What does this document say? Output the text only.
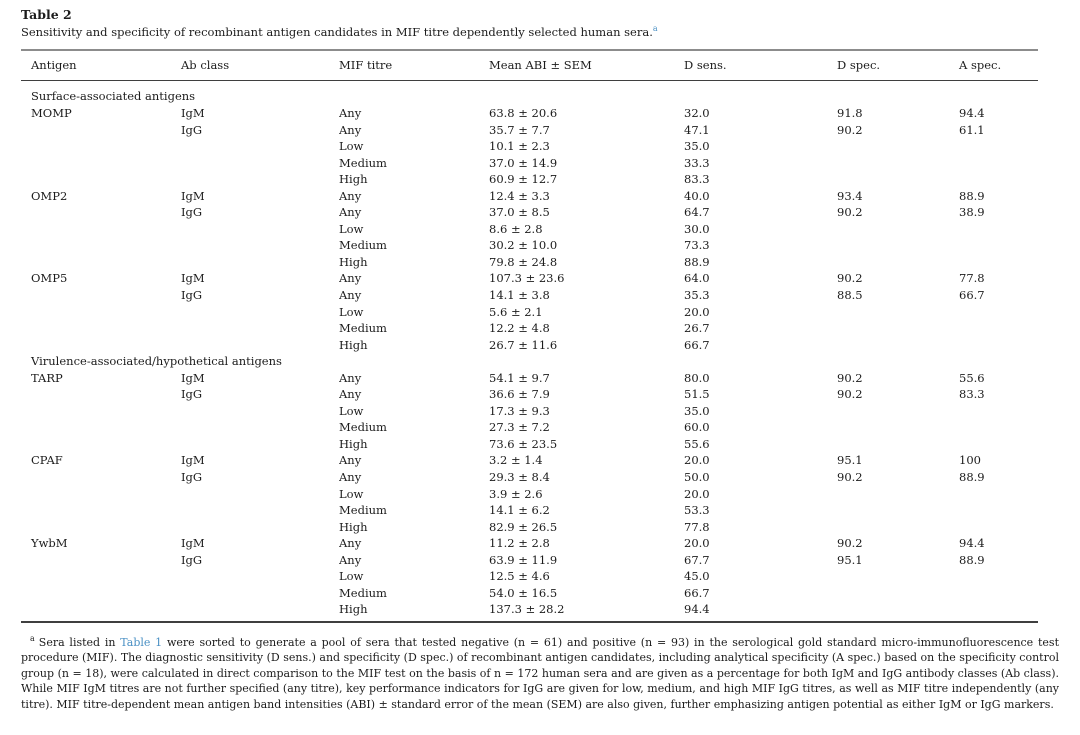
Table 2
Sensitivity and specificity of recombinant antigen candidates in MIF titre dependently selected human sera.$^a$
Antigen	Ab class	MIF titre	Mean ABI ± SEM	D sens.	D spec.	A spec.
Surface-associated antigens						
MOMP	IgM	Any	63.8 ± 20.6	32.0	91.8	94.4
	IgG	Any	35.7 ± 7.7	47.1	90.2	61.1
		Low	10.1 ± 2.3	35.0		
		Medium	37.0 ± 14.9	33.3		
		High	60.9 ± 12.7	83.3		
OMP2	IgM	Any	12.4 ± 3.3	40.0	93.4	88.9
	IgG	Any	37.0 ± 8.5	64.7	90.2	38.9
		Low	8.6 ± 2.8	30.0		
		Medium	30.2 ± 10.0	73.3		
		High	79.8 ± 24.8	88.9		
OMP5	IgM	Any	107.3 ± 23.6	64.0	90.2	77.8
	IgG	Any	14.1 ± 3.8	35.3	88.5	66.7
		Low	5.6 ± 2.1	20.0		
		Medium	12.2 ± 4.8	26.7		
		High	26.7 ± 11.6	66.7		
Virulence-associated/hypothetical antigens						
TARP	IgM	Any	54.1 ± 9.7	80.0	90.2	55.6
	IgG	Any	36.6 ± 7.9	51.5	90.2	83.3
		Low	17.3 ± 9.3	35.0		
		Medium	27.3 ± 7.2	60.0		
		High	73.6 ± 23.5	55.6		
CPAF	IgM	Any	3.2 ± 1.4	20.0	95.1	100
	IgG	Any	29.3 ± 8.4	50.0	90.2	88.9
		Low	3.9 ± 2.6	20.0		
		Medium	14.1 ± 6.2	53.3		
		High	82.9 ± 26.5	77.8		
YwbM	IgM	Any	11.2 ± 2.8	20.0	90.2	94.4
	IgG	Any	63.9 ± 11.9	67.7	95.1	88.9
		Low	12.5 ± 4.6	45.0		
		Medium	54.0 ± 16.5	66.7		
		High	137.3 ± 28.2	94.4		
$^a$ Sera listed in Table 1 were sorted to generate a pool of sera that tested negative (n = 61) and positive (n = 93) in the serological gold standard micro-immunofluorescence test procedure (MIF). The diagnostic sensitivity (D sens.) and specificity (D spec.) of recombinant antigen candidates, including analytical specificity (A spec.) based on the specificity control group (n = 18), were calculated in direct comparison to the MIF test on the basis of n = 172 human sera and are given as a percentage for both IgM and IgG antibody classes (Ab class). While MIF IgM titres are not further specified (any titre), key performance indicators for IgG are given for low, medium, and high MIF IgG titres, as well as MIF titre independently (any titre). MIF titre-dependent mean antigen band intensities (ABI) ± standard error of the mean (SEM) are also given, further emphasizing antigen potential as either IgM or IgG markers.
